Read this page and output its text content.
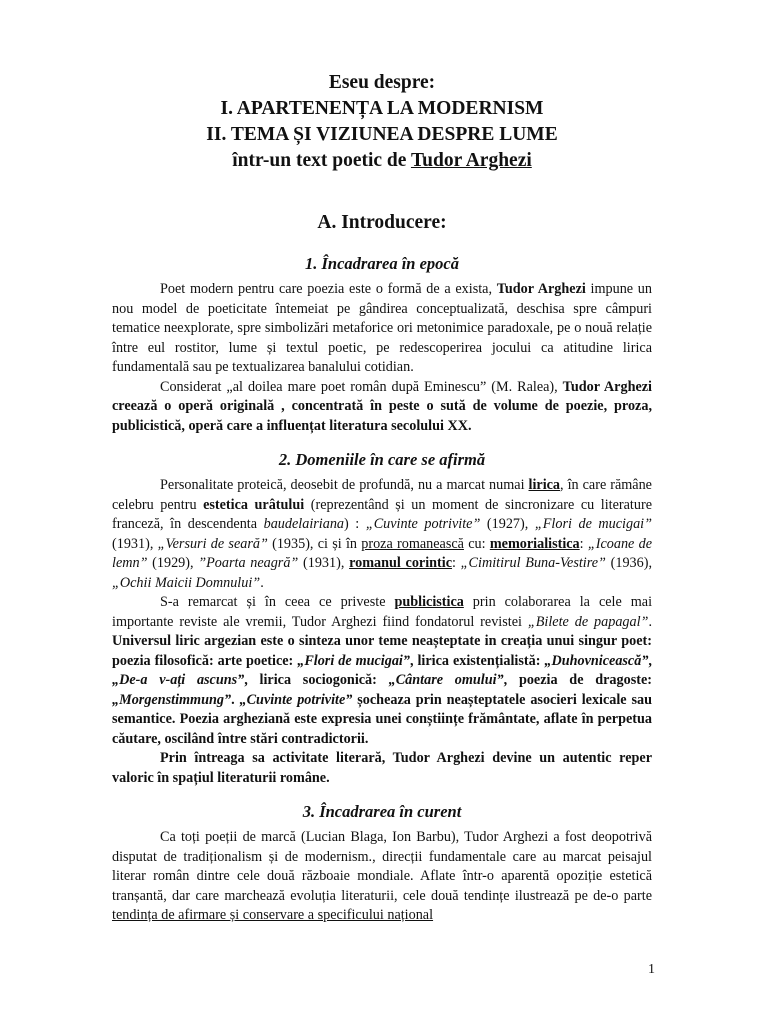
Eseu despre:
I. APARTENENȚA LA MODERNISM
II. TEMA ȘI VIZIUNEA DESPRE LUME
într-un text poetic de Tudor Arghezi
A. Introducere:
1. Încadrarea în epocă

Poet modern pentru care poezia este o formă de a exista, Tudor Arghezi impune un nou model de poeticitate întemeiat pe gândirea conceptualizată, deschisa spre câmpuri tematice neexplorate, spre simbolizări metaforice ori metonimice paradoxale, pe o nouă relație între eul rostitor, lume și textul poetic, pe redescoperirea jocului ca atitudine lirica fundamentală sau pe textualizarea banalului cotidian.

Considerat „al doilea mare poet român după Eminescu” (M. Ralea), Tudor Arghezi creează o operă originală , concentrată în peste o sută de volume de poezie, proza, publicistică, operă care a influențat literatura secolului XX.

2. Domeniile în care se afirmă

Personalitate proteică, deosebit de profundă, nu a marcat numai lirica, în care rămâne celebru pentru estetica urâtului (reprezentând și un moment de sincronizare cu literature franceză, în descendenta baudelairiana) : „Cuvinte potrivite” (1927), „Flori de mucigai” (1931), „Versuri de seară” (1935), ci și în proza romanească cu: memorialistica: „Icoane de lemn” (1929), ”Poarta neagră” (1931), romanul corintic: „Cimitirul Buna-Vestire” (1936), „Ochii Maicii Domnului”.

S-a remarcat și în ceea ce priveste publicistica prin colaborarea la cele mai importante reviste ale vremii, Tudor Arghezi fiind fondatorul revistei „Bilete de papagal”. Universul liric argezian este o sinteza unor teme neașteptate in creația unui singur poet: poezia filosofică: arte poetice: „Flori de mucigai”, lirica existențialistă: „Duhovnicească”, „De-a v-ați ascuns”, lirica sociogonică: „Cântare omului”, poezia de dragoste: „Morgenstimmung”. „Cuvinte potrivite” șocheaza prin neașteptatele asocieri lexicale sau semantice. Poezia argheziană este expresia unei conștiințe frământate, aflate în perpetua căutare, oscilând între stări contradictorii.

Prin întreaga sa activitate literară, Tudor Arghezi devine un autentic reper valoric în spațiul literaturii române.

3. Încadrarea în curent

Ca toți poeții de marcă (Lucian Blaga, Ion Barbu), Tudor Arghezi a fost deopotrivă disputat de tradiționalism și de modernism., direcții fundamentale care au marcat peisajul literar român dintre cele două războaie mondiale. Aflate într-o aparentă opoziție estetică tranșantă, dar care marchează evoluția literaturii, cele două tendințe ilustrează pe de-o parte tendința de afirmare și conservare a specificului național

1
